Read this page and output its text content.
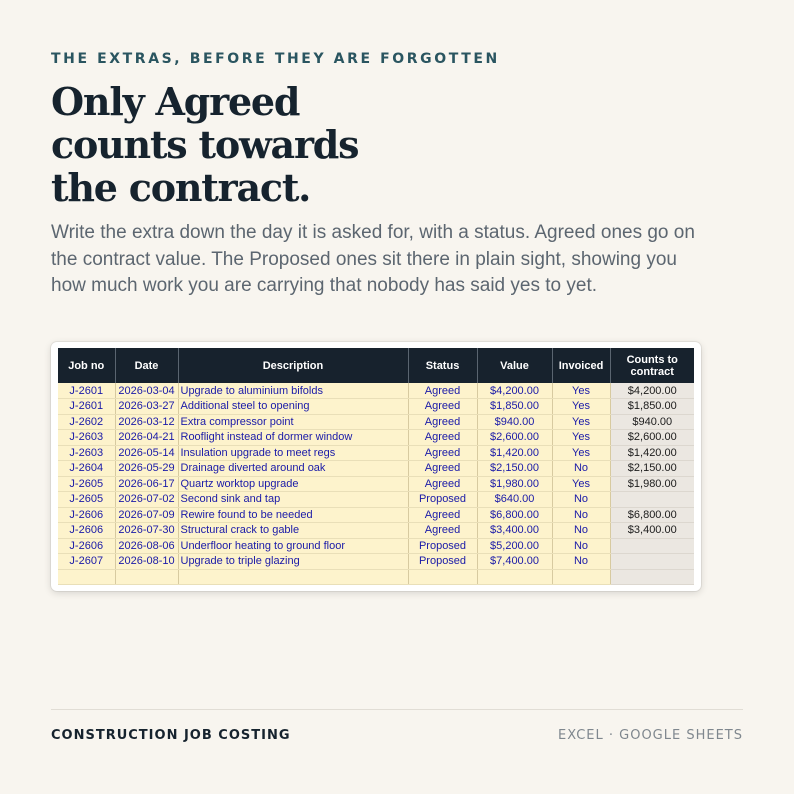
THE EXTRAS, BEFORE THEY ARE FORGOTTEN
Only Agreed
counts towards
the contract.

Write the extra down the day it is asked for, with a status. Agreed ones go on the contract value. The Proposed ones sit there in plain sight, showing you how much work you are carrying that nobody has said yes to yet.

Job no	Date	Description	Status	Value	Invoiced	Counts to contract
J-2601	2026-03-04	Upgrade to aluminium bifolds	Agreed	$4,200.00	Yes	$4,200.00
J-2601	2026-03-27	Additional steel to opening	Agreed	$1,850.00	Yes	$1,850.00
J-2602	2026-03-12	Extra compressor point	Agreed	$940.00	Yes	$940.00
J-2603	2026-04-21	Rooflight instead of dormer window	Agreed	$2,600.00	Yes	$2,600.00
J-2603	2026-05-14	Insulation upgrade to meet regs	Agreed	$1,420.00	Yes	$1,420.00
J-2604	2026-05-29	Drainage diverted around oak	Agreed	$2,150.00	No	$2,150.00
J-2605	2026-06-17	Quartz worktop upgrade	Agreed	$1,980.00	Yes	$1,980.00
J-2605	2026-07-02	Second sink and tap	Proposed	$640.00	No	
J-2606	2026-07-09	Rewire found to be needed	Agreed	$6,800.00	No	$6,800.00
J-2606	2026-07-30	Structural crack to gable	Agreed	$3,400.00	No	$3,400.00
J-2606	2026-08-06	Underfloor heating to ground floor	Proposed	$5,200.00	No	
J-2607	2026-08-10	Upgrade to triple glazing	Proposed	$7,400.00	No	

CONSTRUCTION JOB COSTING	EXCEL · GOOGLE SHEETS
